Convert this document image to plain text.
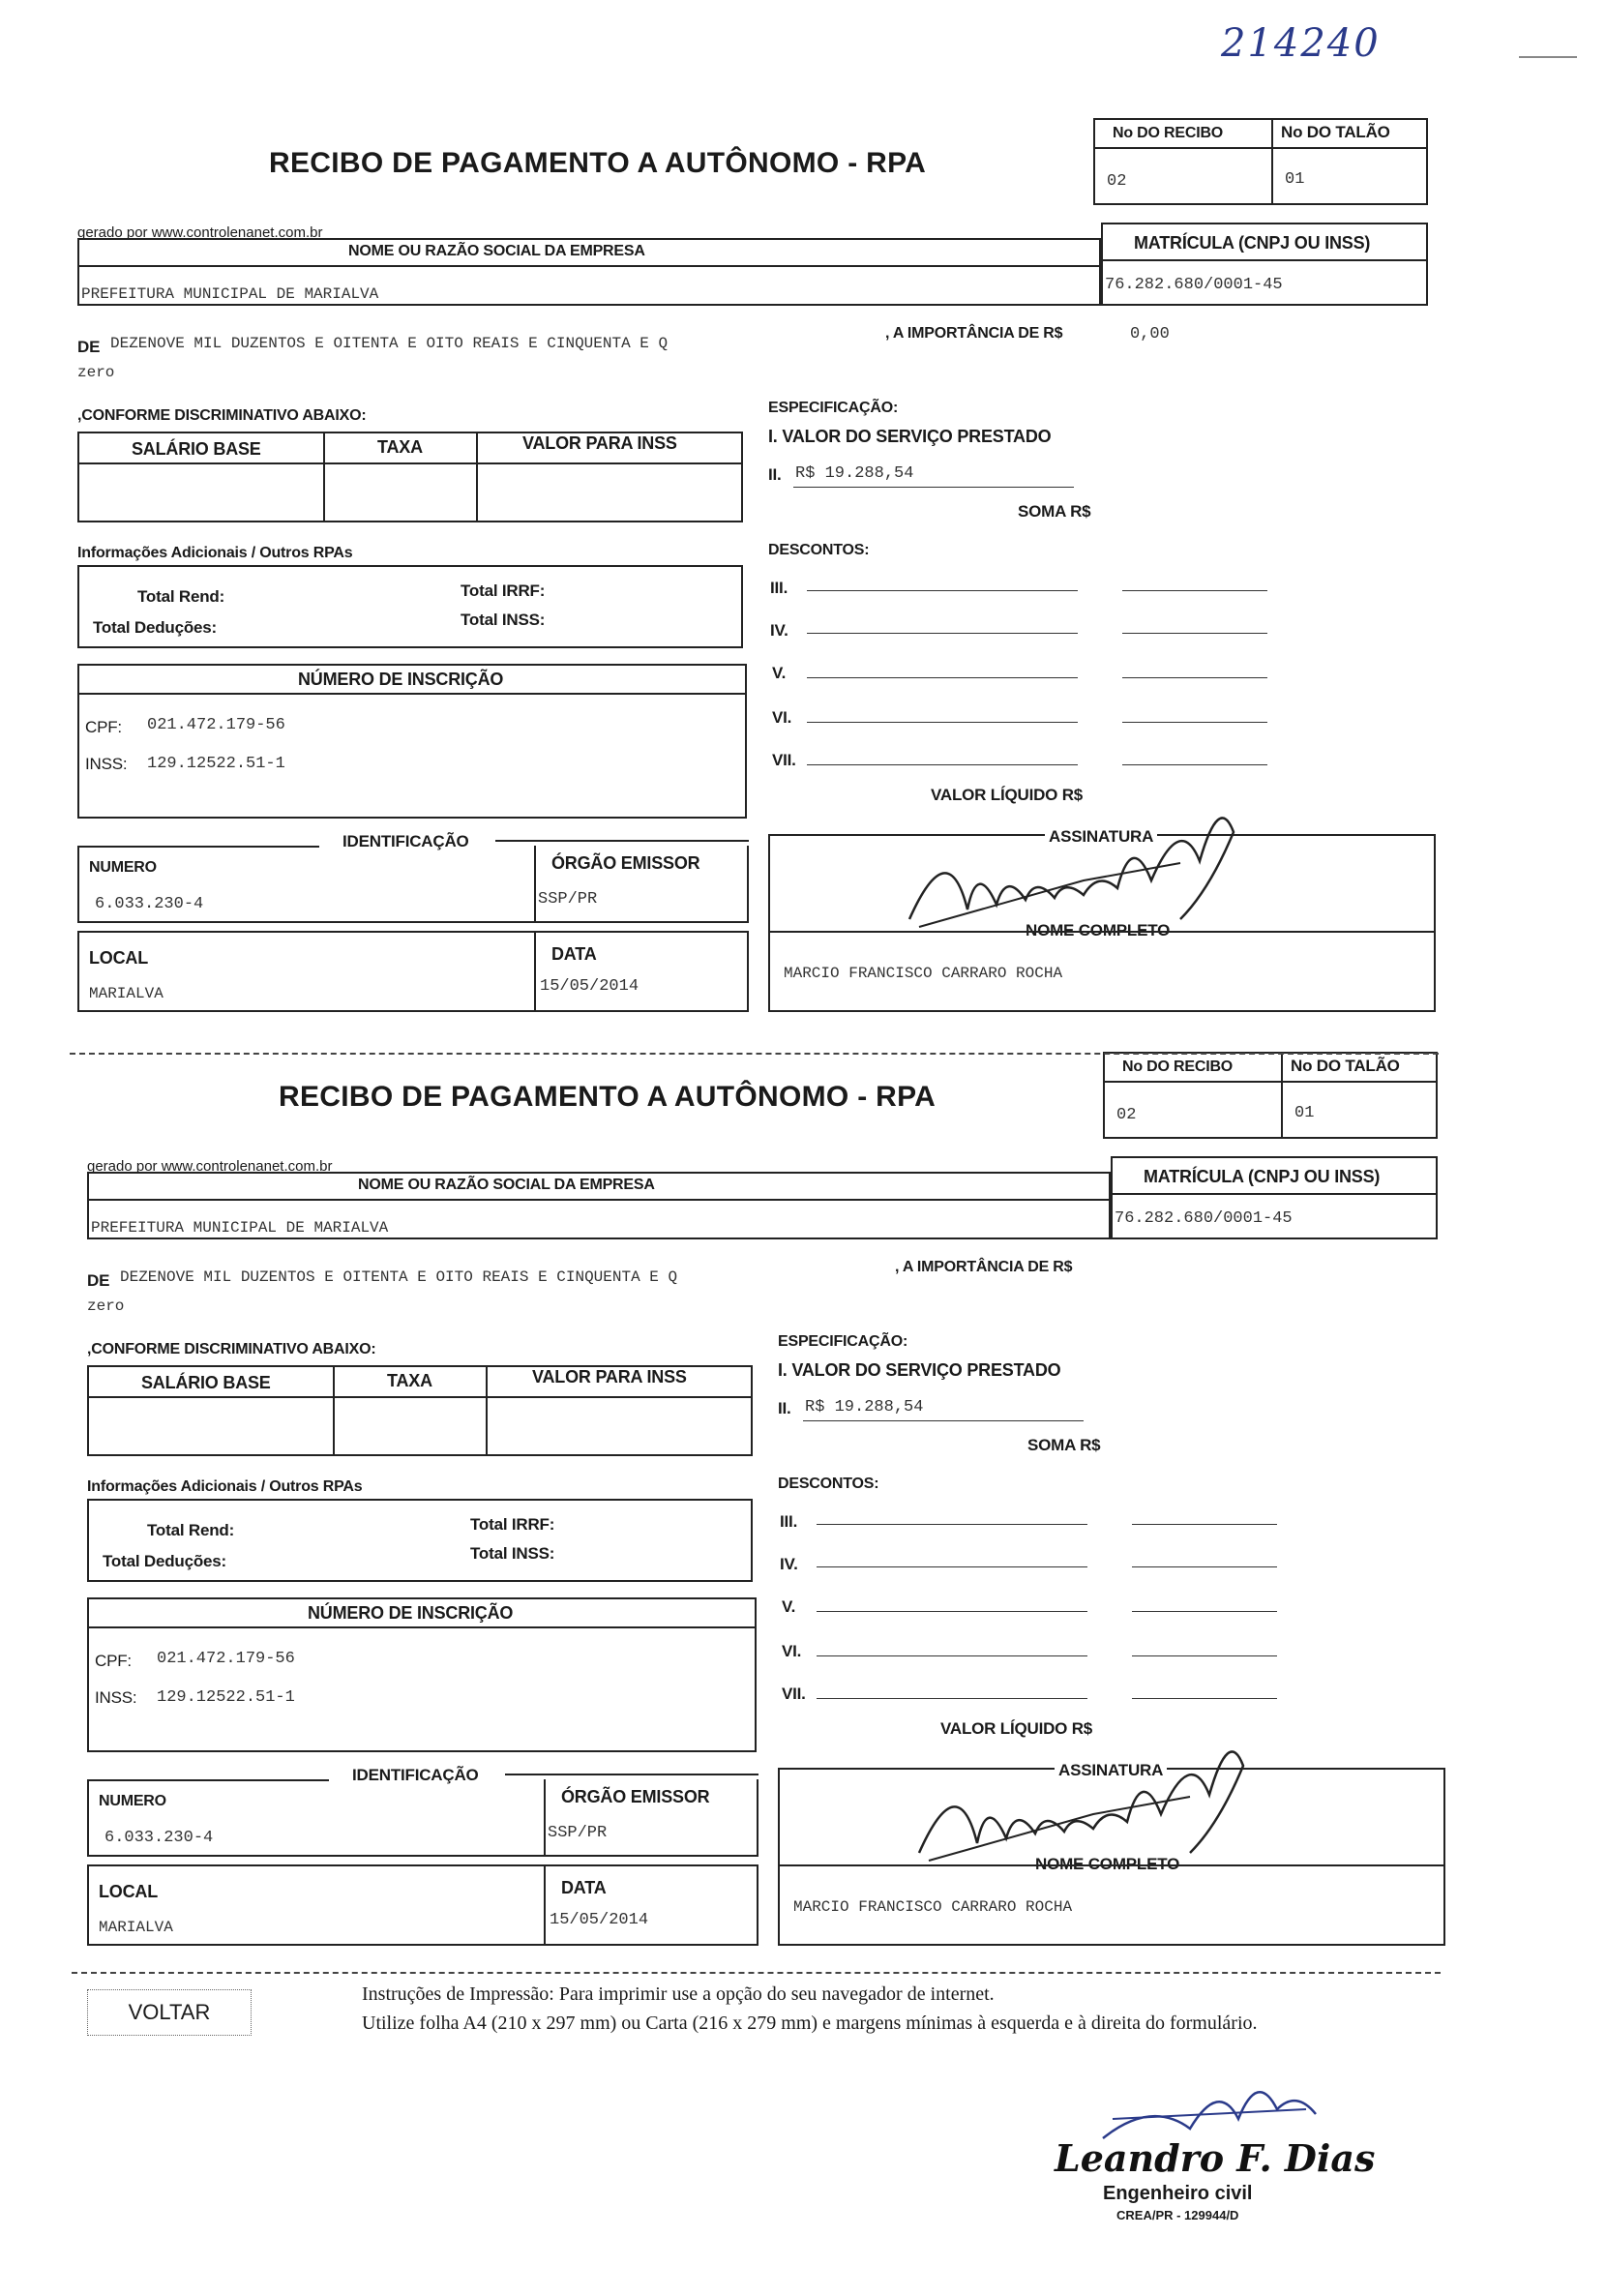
214240
RECIBO DE PAGAMENTO A AUTÔNOMO - RPA
No DO RECIBO	No DO TALÃO
02	01
gerado por www.controlenanet.com.br
NOME OU RAZÃO SOCIAL DA EMPRESA
PREFEITURA MUNICIPAL DE MARIALVA
MATRÍCULA (CNPJ OU INSS)
76.282.680/0001-45
DE DEZENOVE MIL DUZENTOS E OITENTA E OITO REAIS E CINQUENTA E Q
zero
, A IMPORTÂNCIA DE R$	0,00
,CONFORME DISCRIMINATIVO ABAIXO:
SALÁRIO BASE	TAXA	VALOR PARA INSS
ESPECIFICAÇÃO:
I. VALOR DO SERVIÇO PRESTADO
II. R$ 19.288,54
SOMA R$
Informações Adicionais / Outros RPAs
Total Rend:	Total IRRF:
Total Deduções:	Total INSS:
DESCONTOS:
III.
IV.
V.
VI.
VII.
NÚMERO DE INSCRIÇÃO
CPF: 021.472.179-56
INSS: 129.12522.51-1
VALOR LÍQUIDO R$
IDENTIFICAÇÃO
NUMERO
6.033.230-4
ÓRGÃO EMISSOR
SSP/PR
LOCAL
MARIALVA
DATA
15/05/2014
ASSINATURA
NOME COMPLETO
MARCIO FRANCISCO CARRARO ROCHA
RECIBO DE PAGAMENTO A AUTÔNOMO - RPA
No DO RECIBO	No DO TALÃO
02	01
gerado por www.controlenanet.com.br
NOME OU RAZÃO SOCIAL DA EMPRESA
PREFEITURA MUNICIPAL DE MARIALVA
MATRÍCULA (CNPJ OU INSS)
76.282.680/0001-45
DE DEZENOVE MIL DUZENTOS E OITENTA E OITO REAIS E CINQUENTA E Q
zero
, A IMPORTÂNCIA DE R$
,CONFORME DISCRIMINATIVO ABAIXO:
SALÁRIO BASE	TAXA	VALOR PARA INSS
ESPECIFICAÇÃO:
I. VALOR DO SERVIÇO PRESTADO
II. R$ 19.288,54
SOMA R$
Informações Adicionais / Outros RPAs
Total Rend:	Total IRRF:
Total Deduções:	Total INSS:
DESCONTOS:
III.
IV.
V.
VI.
VII.
NÚMERO DE INSCRIÇÃO
CPF: 021.472.179-56
INSS: 129.12522.51-1
VALOR LÍQUIDO R$
IDENTIFICAÇÃO
NUMERO
6.033.230-4
ÓRGÃO EMISSOR
SSP/PR
LOCAL
MARIALVA
DATA
15/05/2014
ASSINATURA
NOME COMPLETO
MARCIO FRANCISCO CARRARO ROCHA
VOLTAR
Instruções de Impressão: Para imprimir use a opção do seu navegador de internet.
Utilize folha A4 (210 x 297 mm) ou Carta (216 x 279 mm) e margens mínimas à esquerda e à direita do formulário.
Leandro F. Dias
Engenheiro civil
CREA/PR - 129944/D
